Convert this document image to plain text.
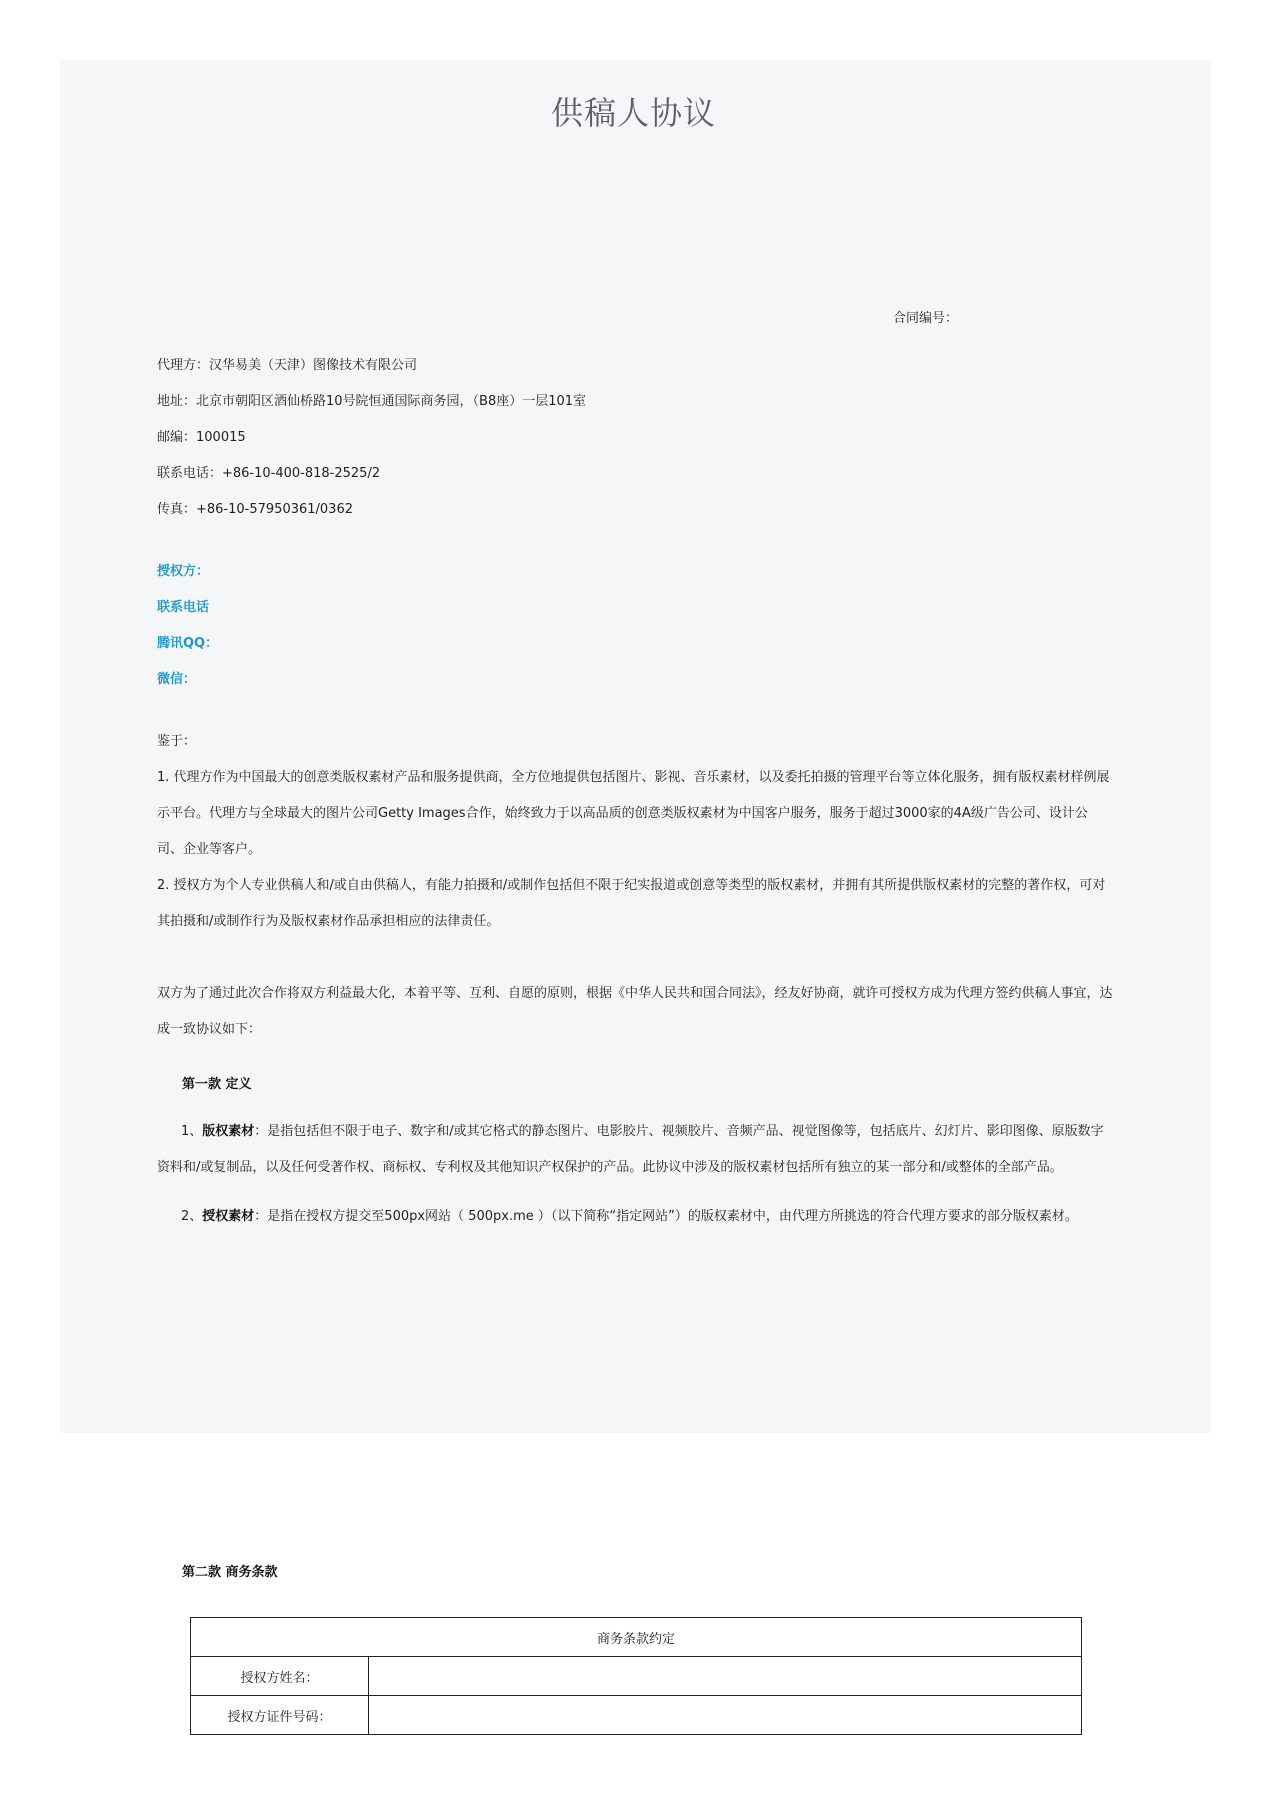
供稿人协议
合同编号：
代理方：汉华易美（天津）图像技术有限公司
地址：北京市朝阳区酒仙桥路10号院恒通国际商务园，（B8座）一层101室
邮编：100015
联系电话：+86-10-400-818-2525/2
传真：+86-10-57950361/0362
授权方：
联系电话
腾讯QQ：
微信：
鉴于：
1. 代理方作为中国最大的创意类版权素材产品和服务提供商，全方位地提供包括图片、影视、音乐素材，以及委托拍摄的管理平台等立体化服务，拥有版权素材样例展示平台。代理方与全球最大的图片公司Getty Images合作，始终致力于以高品质的创意类版权素材为中国客户服务，服务于超过3000家的4A级广告公司、设计公司、企业等客户。
2. 授权方为个人专业供稿人和/或自由供稿人，有能力拍摄和/或制作包括但不限于纪实报道或创意等类型的版权素材，并拥有其所提供版权素材的完整的著作权，可对其拍摄和/或制作行为及版权素材作品承担相应的法律责任。
双方为了通过此次合作将双方利益最大化，本着平等、互利、自愿的原则，根据《中华人民共和国合同法》，经友好协商，就许可授权方成为代理方签约供稿人事宜，达成一致协议如下：
第一款 定义
1、版权素材：是指包括但不限于电子、数字和/或其它格式的静态图片、电影胶片、视频胶片、音频产品、视觉图像等，包括底片、幻灯片、影印图像、原版数字资料和/或复制品，以及任何受著作权、商标权、专利权及其他知识产权保护的产品。此协议中涉及的版权素材包括所有独立的某一部分和/或整体的全部产品。
2、授权素材：是指在授权方提交至500px网站（ 500px.me ）（以下简称“指定网站”）的版权素材中，由代理方所挑选的符合代理方要求的部分版权素材。
第二款 商务条款
商务条款约定	
授权方姓名：	
授权方证件号码：	
